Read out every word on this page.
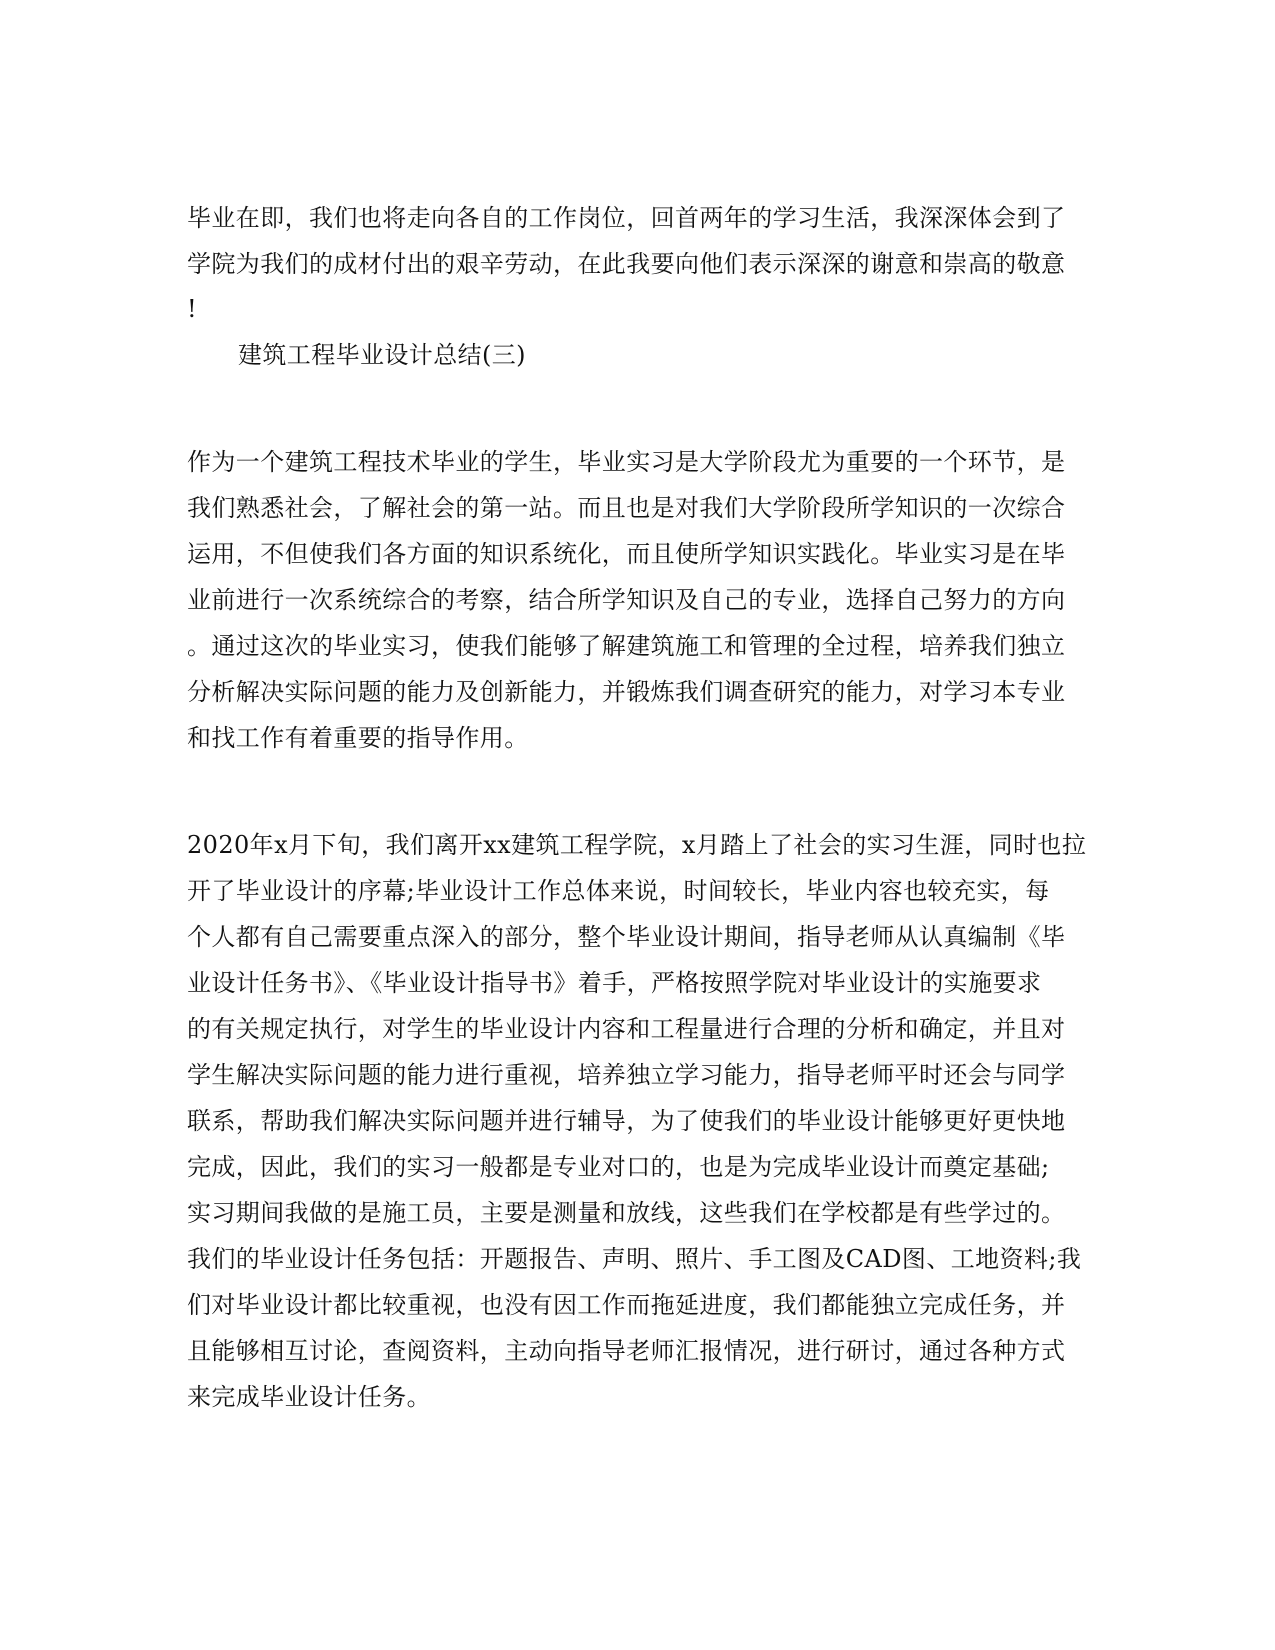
毕业在即，我们也将走向各自的工作岗位，回首两年的学习生活，我深深体会到了
学院为我们的成材付出的艰辛劳动，在此我要向他们表示深深的谢意和崇高的敬意
!
建筑工程毕业设计总结(三)
作为一个建筑工程技术毕业的学生，毕业实习是大学阶段尤为重要的一个环节，是
我们熟悉社会，了解社会的第一站。而且也是对我们大学阶段所学知识的一次综合
运用，不但使我们各方面的知识系统化，而且使所学知识实践化。毕业实习是在毕
业前进行一次系统综合的考察，结合所学知识及自己的专业，选择自己努力的方向
。通过这次的毕业实习，使我们能够了解建筑施工和管理的全过程，培养我们独立
分析解决实际问题的能力及创新能力，并锻炼我们调查研究的能力，对学习本专业
和找工作有着重要的指导作用。
2020年x月下旬，我们离开xx建筑工程学院，x月踏上了社会的实习生涯，同时也拉
开了毕业设计的序幕;毕业设计工作总体来说，时间较长，毕业内容也较充实，每
个人都有自己需要重点深入的部分，整个毕业设计期间，指导老师从认真编制《毕
业设计任务书》、《毕业设计指导书》着手，严格按照学院对毕业设计的实施要求
的有关规定执行，对学生的毕业设计内容和工程量进行合理的分析和确定，并且对
学生解决实际问题的能力进行重视，培养独立学习能力，指导老师平时还会与同学
联系，帮助我们解决实际问题并进行辅导，为了使我们的毕业设计能够更好更快地
完成，因此，我们的实习一般都是专业对口的，也是为完成毕业设计而奠定基础;
实习期间我做的是施工员，主要是测量和放线，这些我们在学校都是有些学过的。
我们的毕业设计任务包括：开题报告、声明、照片、手工图及CAD图、工地资料;我
们对毕业设计都比较重视，也没有因工作而拖延进度，我们都能独立完成任务，并
且能够相互讨论，查阅资料，主动向指导老师汇报情况，进行研讨，通过各种方式
来完成毕业设计任务。
